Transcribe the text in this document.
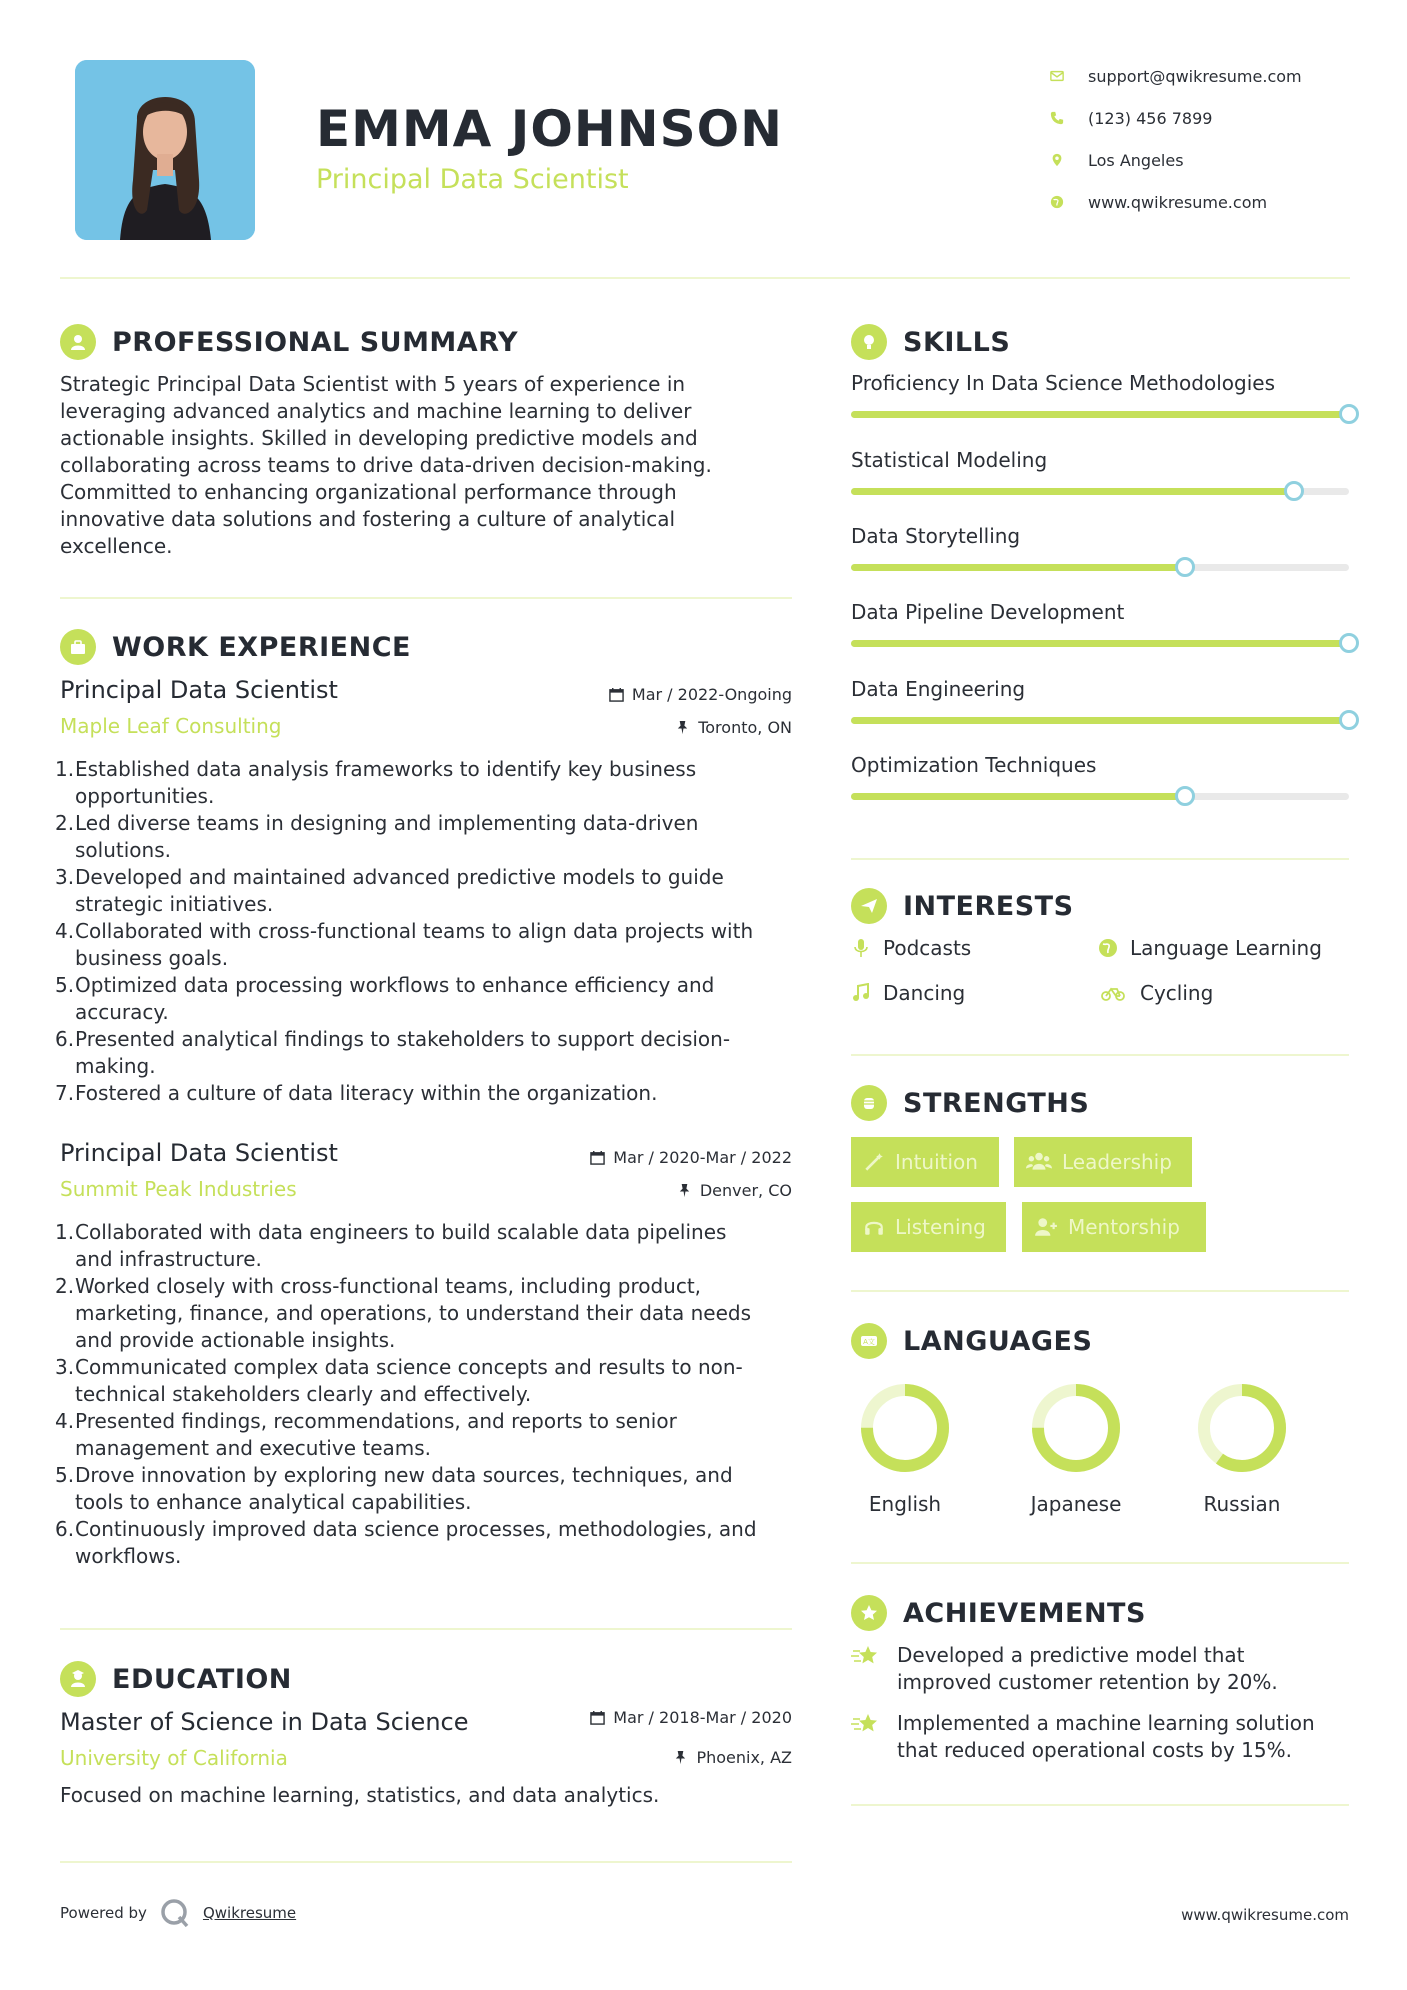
EMMA JOHNSON
Principal Data Scientist
support@qwikresume.com
(123) 456 7899
Los Angeles
www.qwikresume.com
PROFESSIONAL SUMMARY
Strategic Principal Data Scientist with 5 years of experience in
leveraging advanced analytics and machine learning to deliver
actionable insights. Skilled in developing predictive models and
collaborating across teams to drive data-driven decision-making.
Committed to enhancing organizational performance through
innovative data solutions and fostering a culture of analytical
excellence.
WORK EXPERIENCE
Principal Data Scientist	Mar / 2022-Ongoing
Maple Leaf Consulting	Toronto, ON
1. Established data analysis frameworks to identify key business
opportunities.
2. Led diverse teams in designing and implementing data-driven
solutions.
3. Developed and maintained advanced predictive models to guide
strategic initiatives.
4. Collaborated with cross-functional teams to align data projects with
business goals.
5. Optimized data processing workflows to enhance efficiency and
accuracy.
6. Presented analytical findings to stakeholders to support decision-
making.
7. Fostered a culture of data literacy within the organization.
Principal Data Scientist	Mar / 2020-Mar / 2022
Summit Peak Industries	Denver, CO
1. Collaborated with data engineers to build scalable data pipelines
and infrastructure.
2. Worked closely with cross-functional teams, including product,
marketing, finance, and operations, to understand their data needs
and provide actionable insights.
3. Communicated complex data science concepts and results to non-
technical stakeholders clearly and effectively.
4. Presented findings, recommendations, and reports to senior
management and executive teams.
5. Drove innovation by exploring new data sources, techniques, and
tools to enhance analytical capabilities.
6. Continuously improved data science processes, methodologies, and
workflows.
EDUCATION
Master of Science in Data Science	Mar / 2018-Mar / 2020
University of California	Phoenix, AZ
Focused on machine learning, statistics, and data analytics.
SKILLS
Proficiency In Data Science Methodologies
Statistical Modeling
Data Storytelling
Data Pipeline Development
Data Engineering
Optimization Techniques
INTERESTS
Podcasts	Language Learning
Dancing	Cycling
STRENGTHS
Intuition	Leadership
Listening	Mentorship
A文 LANGUAGES
English	Japanese	Russian
ACHIEVEMENTS
Developed a predictive model that
improved customer retention by 20%.
Implemented a machine learning solution
that reduced operational costs by 15%.
Powered by	Qwikresume	www.qwikresume.com
